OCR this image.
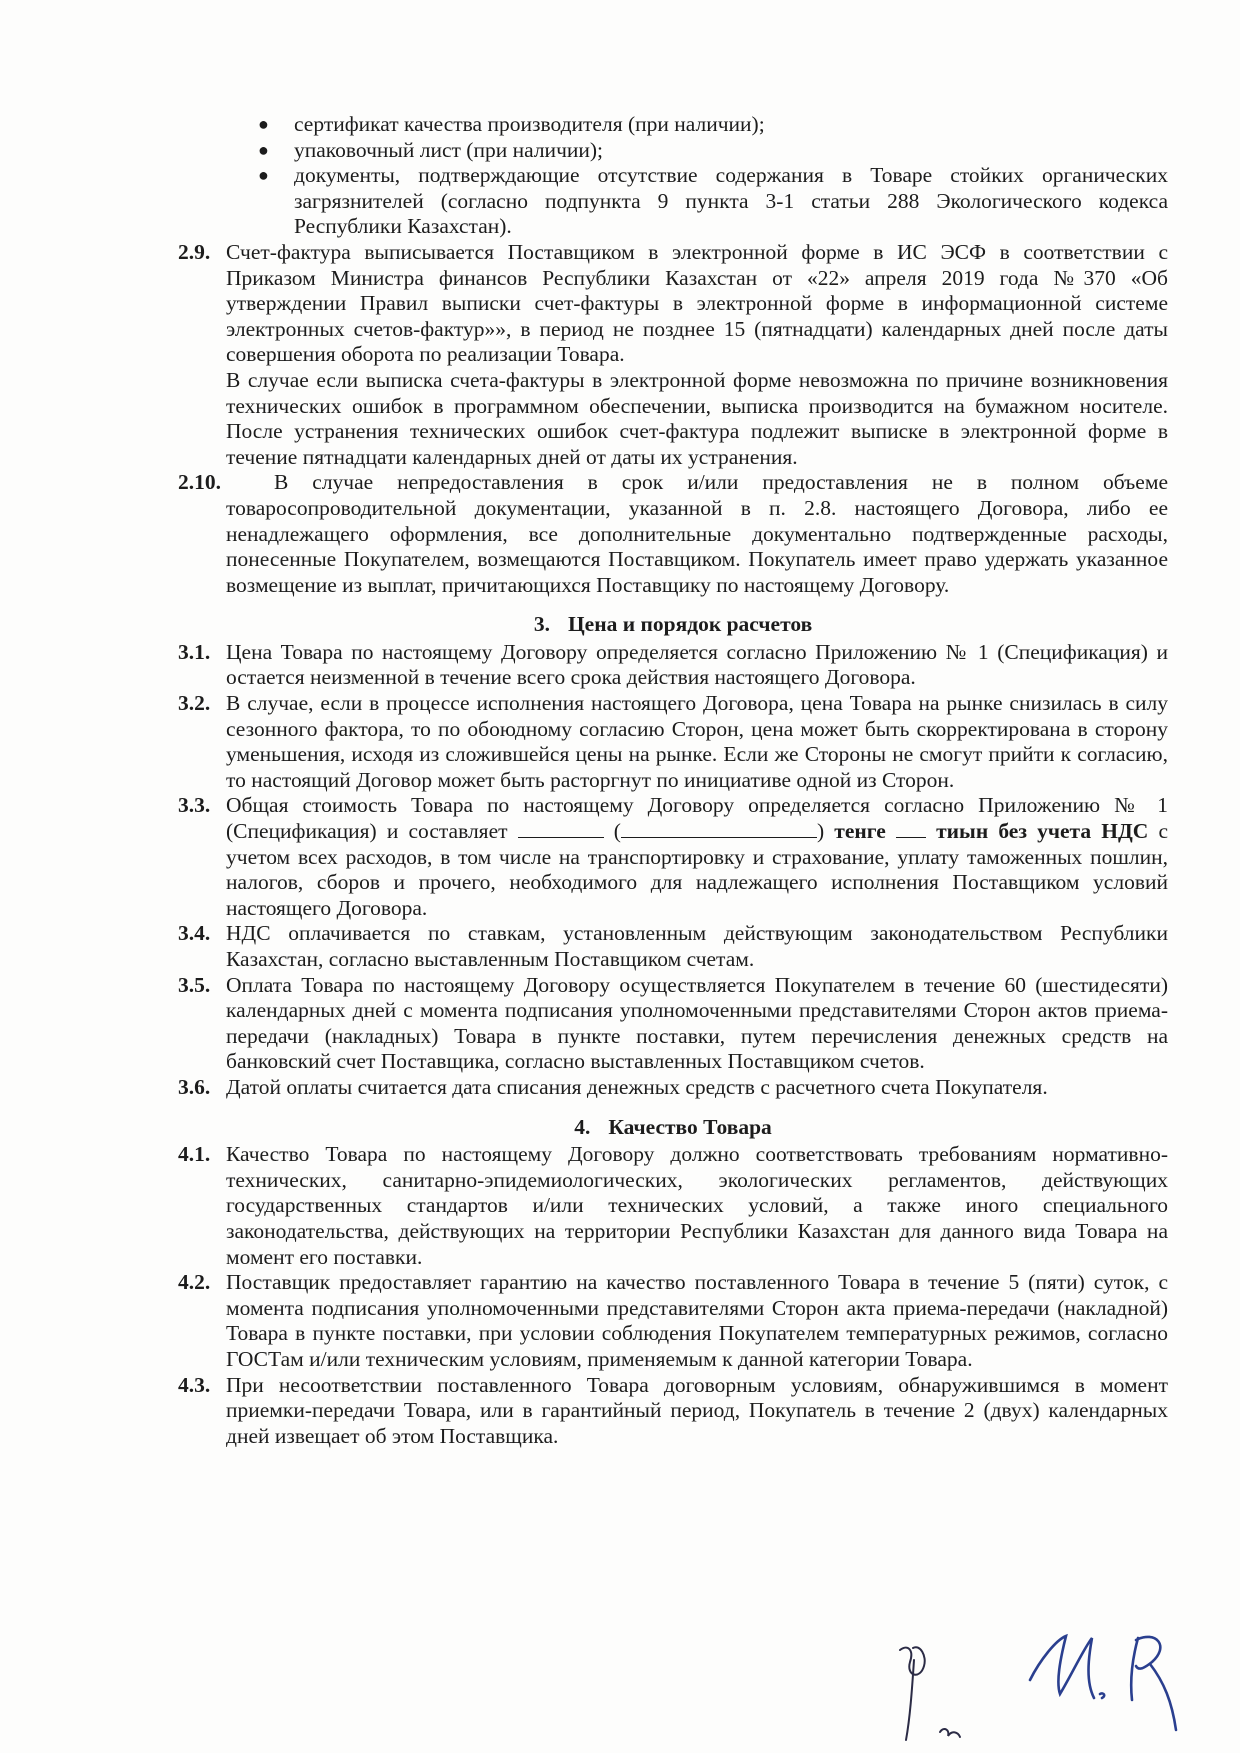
●	сертификат качества производителя (при наличии);
●	упаковочный лист (при наличии);
●	документы, подтверждающие отсутствие содержания в Товаре стойких органических загрязнителей (согласно подпункта 9 пункта 3-1 статьи 288 Экологического кодекса Республики Казахстан).
2.9. Счет-фактура выписывается Поставщиком в электронной форме в ИС ЭСФ в соответствии с Приказом Министра финансов Республики Казахстан от «22» апреля 2019 года №370 «Об утверждении Правил выписки счет-фактуры в электронной форме в информационной системе электронных счетов-фактур»», в период не позднее 15 (пятнадцати) календарных дней после даты совершения оборота по реализации Товара.

В случае если выписка счета-фактуры в электронной форме невозможна по причине возникновения технических ошибок в программном обеспечении, выписка производится на бумажном носителе. После устранения технических ошибок счет-фактура подлежит выписке в электронной форме в течение пятнадцати календарных дней от даты их устранения.

2.10. В случае непредоставления в срок и/или предоставления не в полном объеме товаросопроводительной документации, указанной в п. 2.8. настоящего Договора, либо ее ненадлежащего оформления, все дополнительные документально подтвержденные расходы, понесенные Покупателем, возмещаются Поставщиком. Покупатель имеет право удержать указанное возмещение из выплат, причитающихся Поставщику по настоящему Договору.

3. Цена и порядок расчетов
3.1. Цена Товара по настоящему Договору определяется согласно Приложению № 1 (Спецификация) и остается неизменной в течение всего срока действия настоящего Договора.

3.2. В случае, если в процессе исполнения настоящего Договора, цена Товара на рынке снизилась в силу сезонного фактора, то по обоюдному согласию Сторон, цена может быть скорректирована в сторону уменьшения, исходя из сложившейся цены на рынке. Если же Стороны не смогут прийти к согласию, то настоящий Договор может быть расторгнут по инициативе одной из Сторон.

3.3. Общая стоимость Товара по настоящему Договору определяется согласно Приложению № 1 (Спецификация) и составляет	(	) тенге тиын без учета НДС с учетом всех расходов, в том числе на транспортировку и страхование, уплату таможенных пошлин, налогов, сборов и прочего, необходимого для надлежащего исполнения Поставщиком условий настоящего Договора.

3.4. НДС оплачивается по ставкам, установленным действующим законодательством Республики Казахстан, согласно выставленным Поставщиком счетам.

3.5. Оплата Товара по настоящему Договору осуществляется Покупателем в течение 60 (шестидесяти) календарных дней с момента подписания уполномоченными представителями Сторон актов приема-передачи (накладных) Товара в пункте поставки, путем перечисления денежных средств на банковский счет Поставщика, согласно выставленных Поставщиком счетов.

3.6. Датой оплаты считается дата списания денежных средств с расчетного счета Покупателя.

4. Качество Товара
4.1. Качество Товара по настоящему Договору должно соответствовать требованиям нормативно-технических, санитарно-эпидемиологических, экологических регламентов, действующих государственных стандартов и/или технических условий, а также иного специального законодательства, действующих на территории Республики Казахстан для данного вида Товара на момент его поставки.

4.2. Поставщик предоставляет гарантию на качество поставленного Товара в течение 5 (пяти) суток, с момента подписания уполномоченными представителями Сторон акта приема-передачи (накладной) Товара в пункте поставки, при условии соблюдения Покупателем температурных режимов, согласно ГОСТам и/или техническим условиям, применяемым к данной категории Товара.

4.3. При несоответствии поставленного Товара договорным условиям, обнаружившимся в момент приемки-передачи Товара, или в гарантийный период, Покупатель в течение 2 (двух) календарных дней извещает об этом Поставщика.
